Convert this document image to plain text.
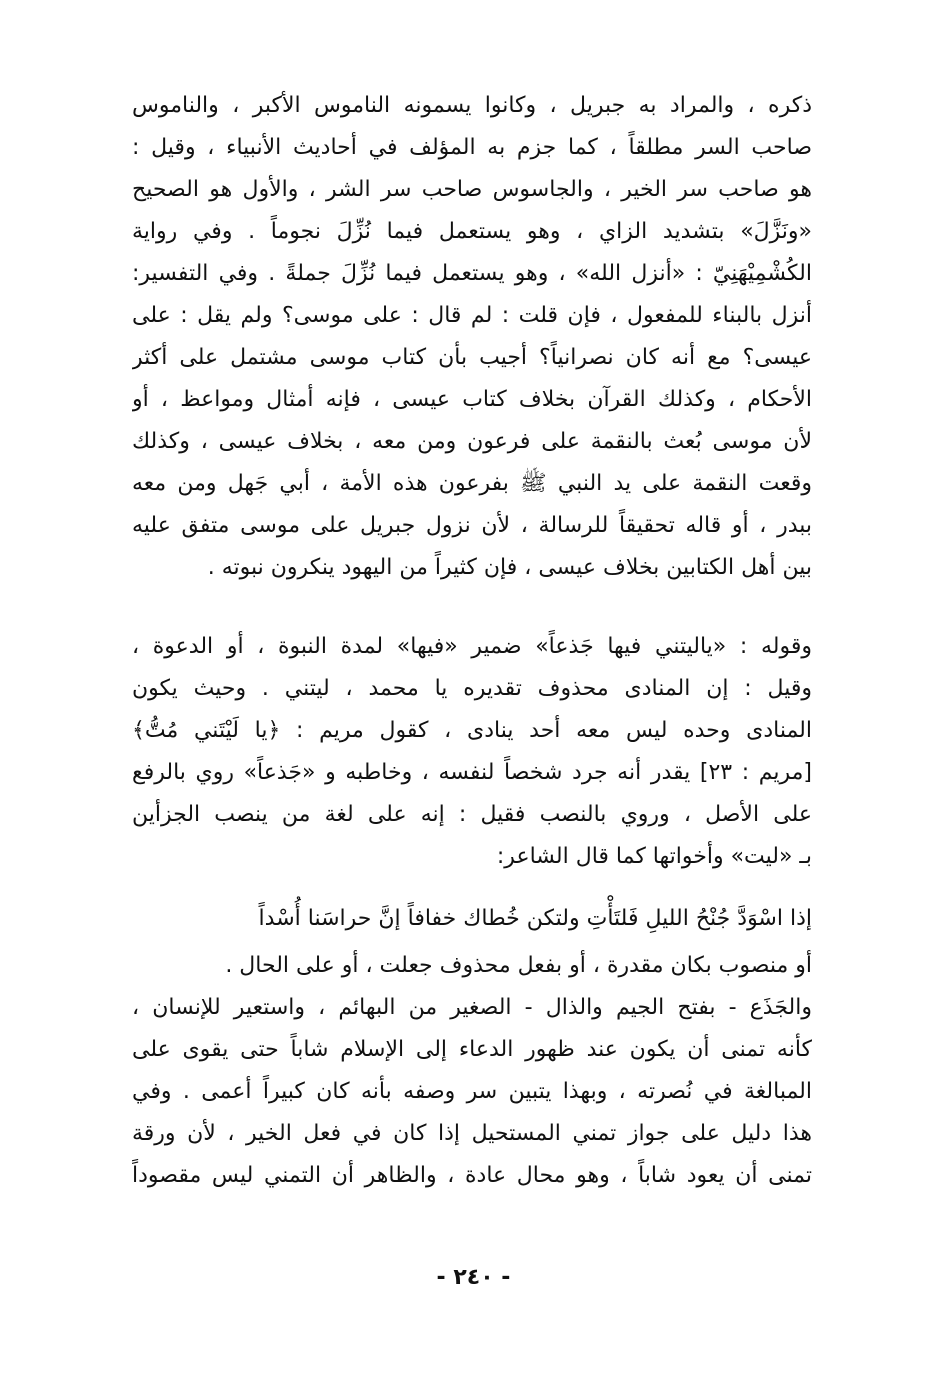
ذكره ، والمراد به جبريل ، وكانوا يسمونه الناموس الأكبر ، والناموس
صاحب السر مطلقاً ، كما جزم به المؤلف في أحاديث الأنبياء ، وقيل :
هو صاحب سر الخير ، والجاسوس صاحب سر الشر ، والأول هو الصحيح
«ونَزَّلَ» بتشديد الزاي ، وهو يستعمل فيما نُزِّلَ نجوماً . وفي رواية
الكُشْمِيْهَنِيّ : «أنزل الله» ، وهو يستعمل فيما نُزِّلَ جملةً . وفي التفسير:
أنزل بالبناء للمفعول ، فإن قلت : لم قال : على موسى؟ ولم يقل : على
عيسى؟ مع أنه كان نصرانياً؟ أجيب بأن كتاب موسى مشتمل على أكثر
الأحكام ، وكذلك القرآن بخلاف كتاب عيسى ، فإنه أمثال ومواعظ ، أو
لأن موسى بُعث بالنقمة على فرعون ومن معه ، بخلاف عيسى ، وكذلك
وقعت النقمة على يد النبي ﷺ بفرعون هذه الأمة ، أبي جَهل ومن معه
ببدر ، أو قاله تحقيقاً للرسالة ، لأن نزول جبريل على موسى متفق عليه
بين أهل الكتابين بخلاف عيسى ، فإن كثيراً من اليهود ينكرون نبوته .
وقوله : «ياليتني فيها جَذعاً» ضمير «فيها» لمدة النبوة ، أو الدعوة ،
وقيل : إن المنادى محذوف تقديره يا محمد ، ليتني . وحيث يكون
المنادى وحده ليس معه أحد ينادى ، كقول مريم : ﴿يا لَيْتَني مُتُّ﴾
[مريم : ٢٣] يقدر أنه جرد شخصاً لنفسه ، وخاطبه و «جَذعاً» روي بالرفع
على الأصل ، وروي بالنصب فقيل : إنه على لغة من ينصب الجزأين
بـ «ليت» وأخواتها كما قال الشاعر:
إذا اسْوَدَّ جُنْحُ الليلِ فَلتَأْتِ ولتكن خُطاك خفافاً إنَّ حراسَنا أُسْداً
أو منصوب بكان مقدرة ، أو بفعل محذوف جعلت ، أو على الحال .
والجَذَع - بفتح الجيم والذال - الصغير من البهائم ، واستعير للإنسان ،
كأنه تمنى أن يكون عند ظهور الدعاء إلى الإسلام شاباً حتى يقوى على
المبالغة في نُصرته ، وبهذا يتبين سر وصفه بأنه كان كبيراً أعمى . وفي
هذا دليل على جواز تمني المستحيل إذا كان في فعل الخير ، لأن ورقة
تمنى أن يعود شاباً ، وهو محال عادة ، والظاهر أن التمني ليس مقصوداً
- ٢٤٠ -
